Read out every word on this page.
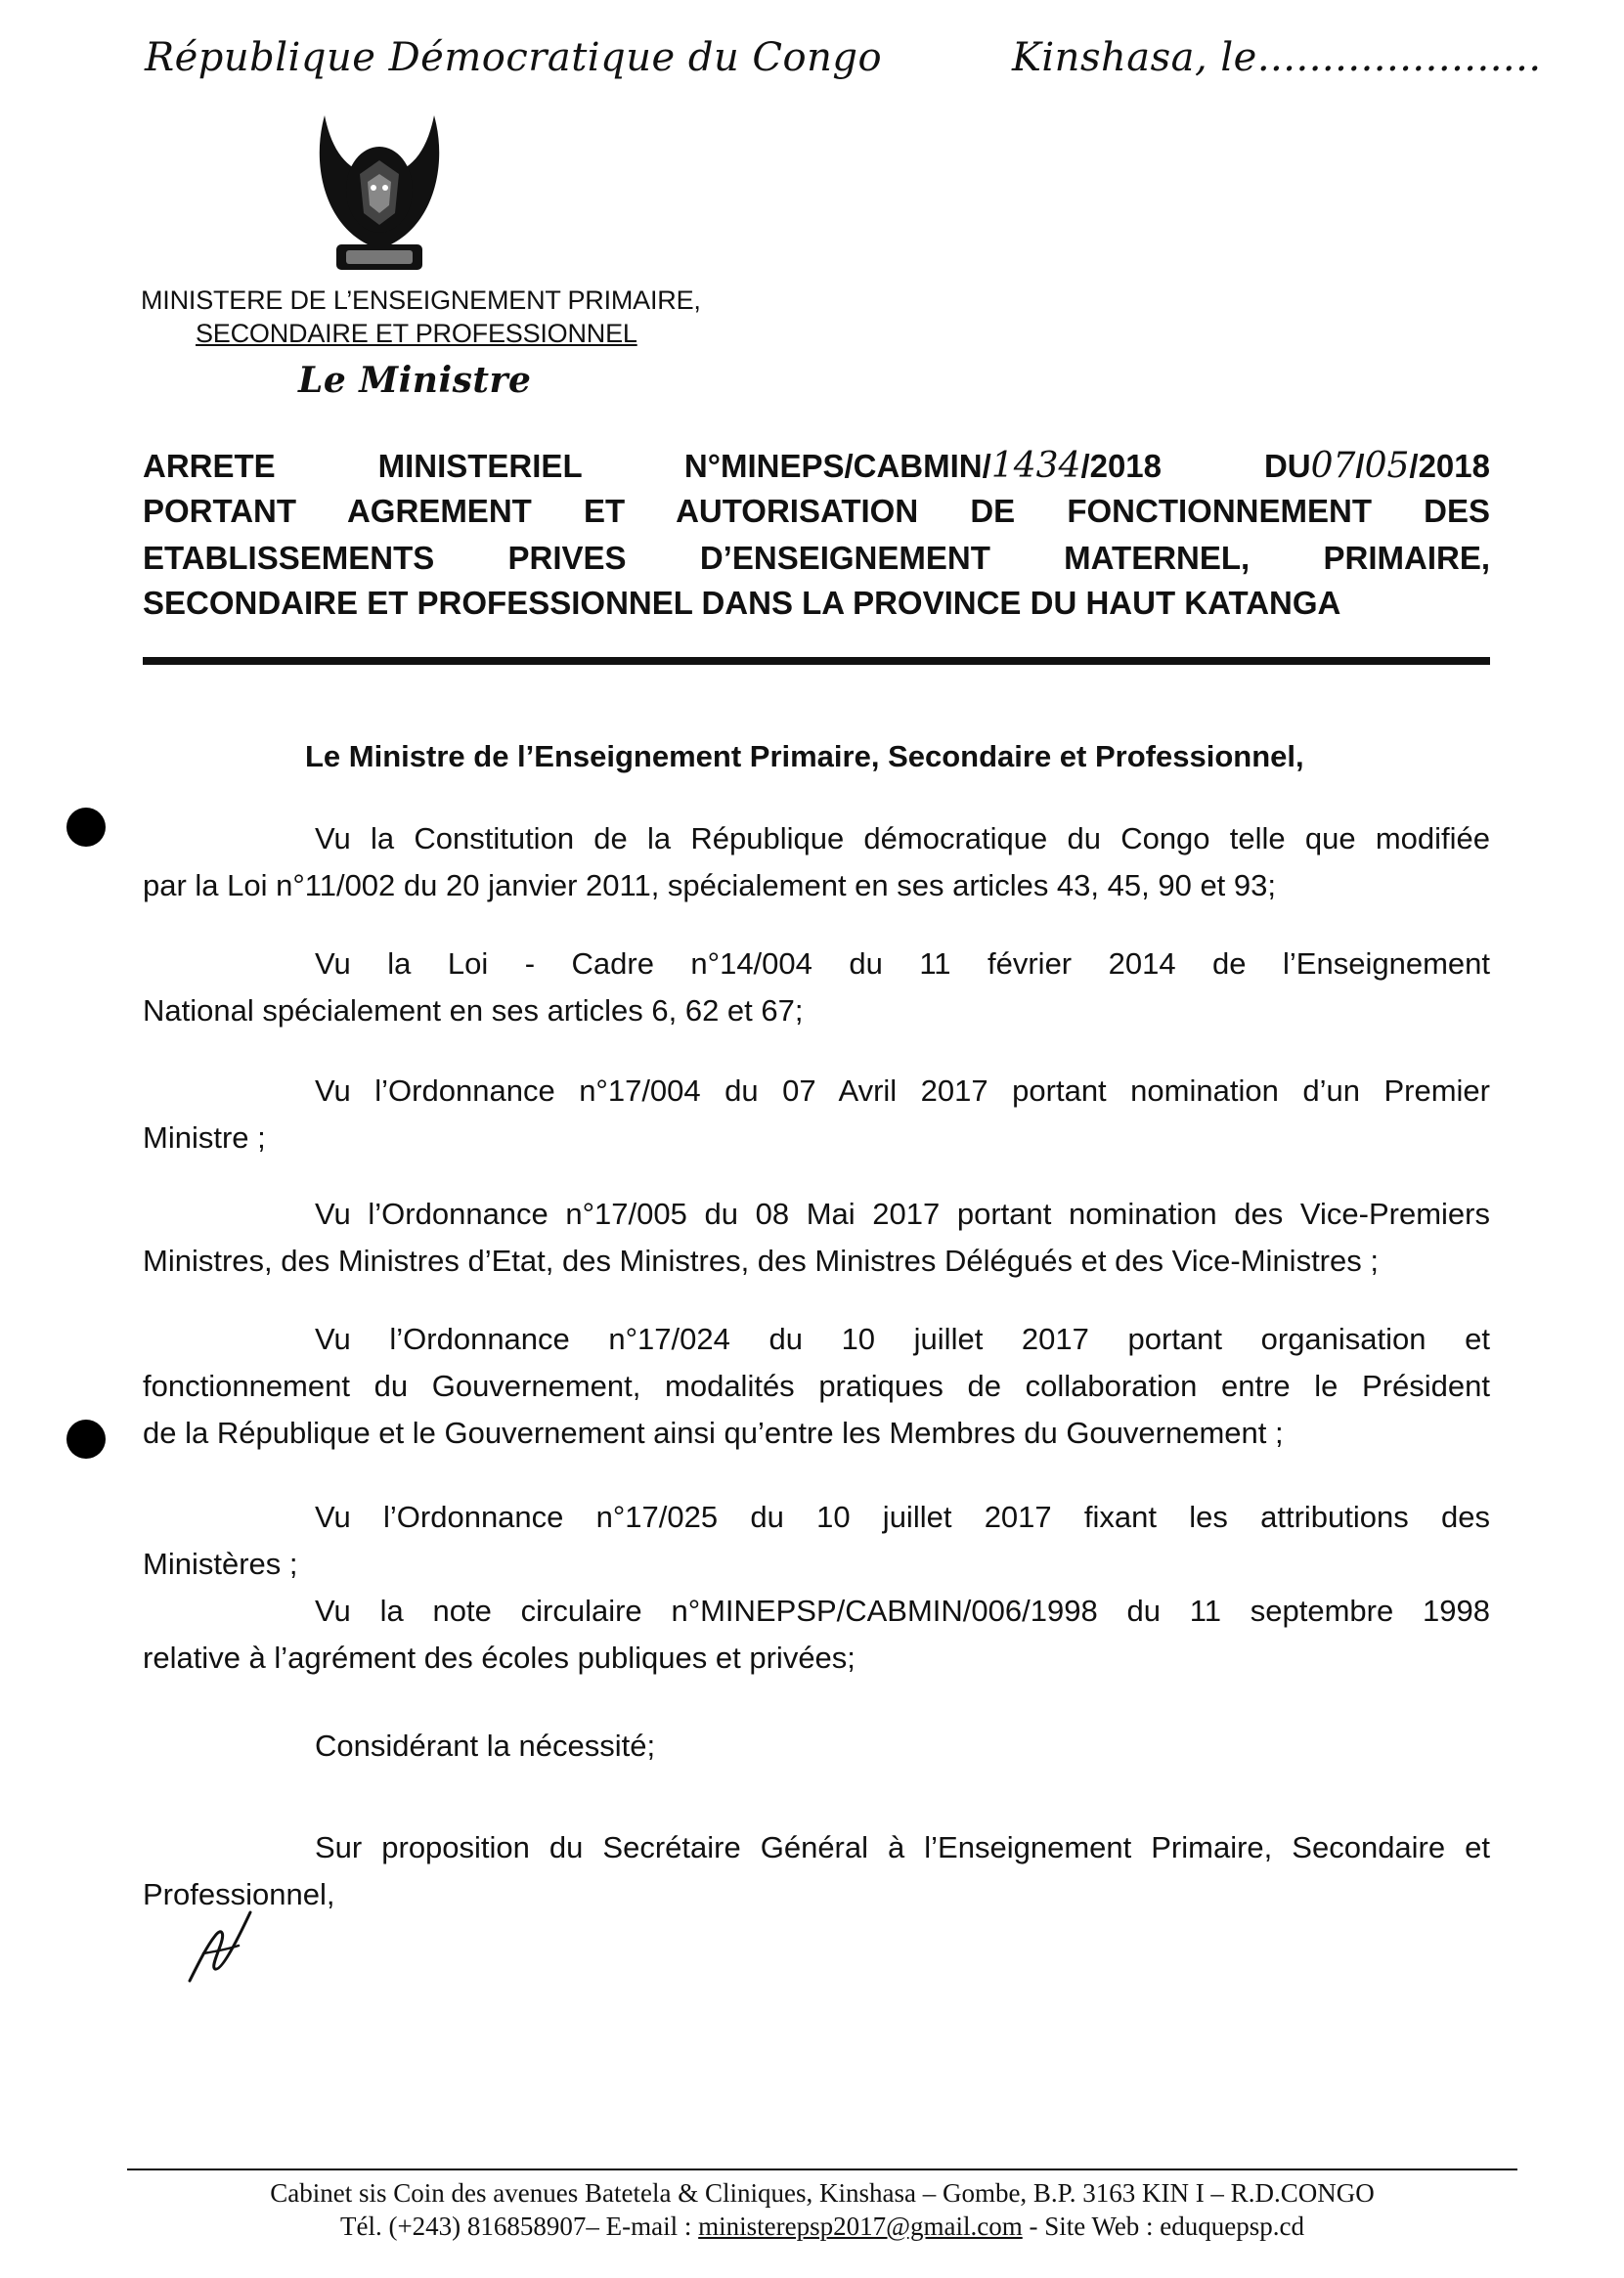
République Démocratique du Congo	Kinshasa, le......................
MINISTERE DE L’ENSEIGNEMENT PRIMAIRE,
SECONDAIRE ET PROFESSIONNEL
Le Ministre
ARRETE MINISTERIEL N°MINEPS/CABMIN/1434/2018 DU07/05/2018
PORTANT AGREMENT ET AUTORISATION DE FONCTIONNEMENT DES
ETABLISSEMENTS PRIVES D’ENSEIGNEMENT MATERNEL, PRIMAIRE,
SECONDAIRE ET PROFESSIONNEL DANS LA PROVINCE DU HAUT KATANGA
Le Ministre de l’Enseignement Primaire, Secondaire et Professionnel,
Vu la Constitution de la République démocratique du Congo telle que modifiée
par la Loi n°11/002 du 20 janvier 2011, spécialement en ses articles 43, 45, 90 et 93;
Vu la Loi - Cadre n°14/004 du 11 février 2014 de l’Enseignement
National spécialement en ses articles 6, 62 et 67;
Vu l’Ordonnance n°17/004 du 07 Avril 2017 portant nomination d’un Premier
Ministre ;
Vu l’Ordonnance n°17/005 du 08 Mai 2017 portant nomination des Vice-Premiers
Ministres, des Ministres d’Etat, des Ministres, des Ministres Délégués et des Vice-Ministres ;
Vu l’Ordonnance n°17/024 du 10 juillet 2017 portant organisation et
fonctionnement du Gouvernement, modalités pratiques de collaboration entre le Président
de la République et le Gouvernement ainsi qu’entre les Membres du Gouvernement ;
Vu l’Ordonnance n°17/025 du 10 juillet 2017 fixant les attributions des
Ministères ;
Vu la note circulaire n°MINEPSP/CABMIN/006/1998 du 11 septembre 1998
relative à l’agrément des écoles publiques et privées;
Considérant la nécessité;
Sur proposition du Secrétaire Général à l’Enseignement Primaire, Secondaire et
Professionnel,
Cabinet sis Coin des avenues Batetela & Cliniques, Kinshasa – Gombe, B.P. 3163 KIN I – R.D.CONGO
Tél. (+243) 816858907– E-mail : ministerepsp2017@gmail.com - Site Web : eduquepsp.cd
